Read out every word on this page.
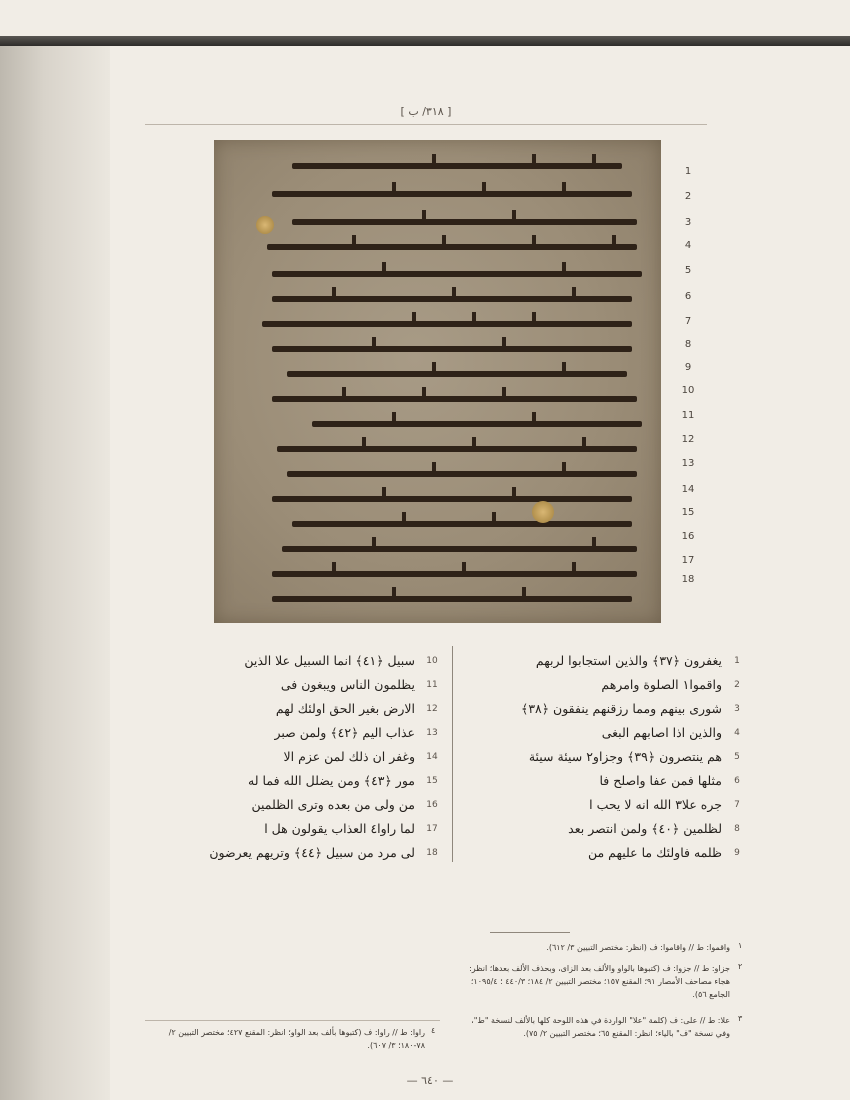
[ ٣١٨/ ب ]
1
2
3
4
5
6
7
8
9
10
11
12
13
14
15
16
17
18
يغفرون ﴿٣٧﴾ والذين استجابوا لربهم	1
واقموا١ الصلوة وامرهم	2
شورى بينهم ومما رزقنهم ينفقون ﴿٣٨﴾	3
والذين اذا اصابهم البغى	4
هم ينتصرون ﴿٣٩﴾ وجزاو٢ سيئة سيئة	5
مثلها فمن عفا واصلح فا	6
جره علا٣ الله انه لا يحب ا	7
لظلمين ﴿٤٠﴾ ولمن انتصر بعد	8
ظلمه فاولئك ما عليهم من	9
سبيل ﴿٤١﴾ انما السبيل علا الذين 10
يظلمون الناس ويبغون فى 11
الارض بغير الحق اولئك لهم 12
عذاب اليم ﴿٤٢﴾ ولمن صبر 13
وغفر ان ذلك لمن عزم الا 14
مور ﴿٤٣﴾ ومن يضلل الله فما له 15
من ولى من بعده وترى الظلمين 16
لما راوا٤ العذاب يقولون هل ا 17
لى مرد من سبيل ﴿٤٤﴾ وتريهم يعرضون 18
١
واقموا: ط // واقاموا: ف (انظر: مختصر التبيين ٣/ ٦١٢).
٢
جزاو: ط // جزوا: ف (كتبوها بالواو والألف بعد الزاى، وبحذف الألف بعدها؛ انظر: هجاء مصاحف الأمصار ٩١؛ المقنع ١٥٧؛ مختصر التبيين ٢/ ١٨٤؛ ٤٤٠/٣ ؛ ١٠٩٥/٤؛ الجامع ٥٦).
٣
علا: ط // على: ف (كلمة "علا" الواردة في هذه اللوحة كلها بالألف لنسخة "ط"، وفي نسخة "ف" بالياء؛ انظر: المقنع ٦٥؛ مختصر التبيين ٢/ ٧٥).
٤
راوا: ط // راوا: ف (كتبوها بألف بعد الواو؛ انظر: المقنع ٤٢٧؛ مختصر التبيين ٢/ ٧٨-١٨٠؛ ٣/ ٦٠٧).
— ٦٤٠ —
